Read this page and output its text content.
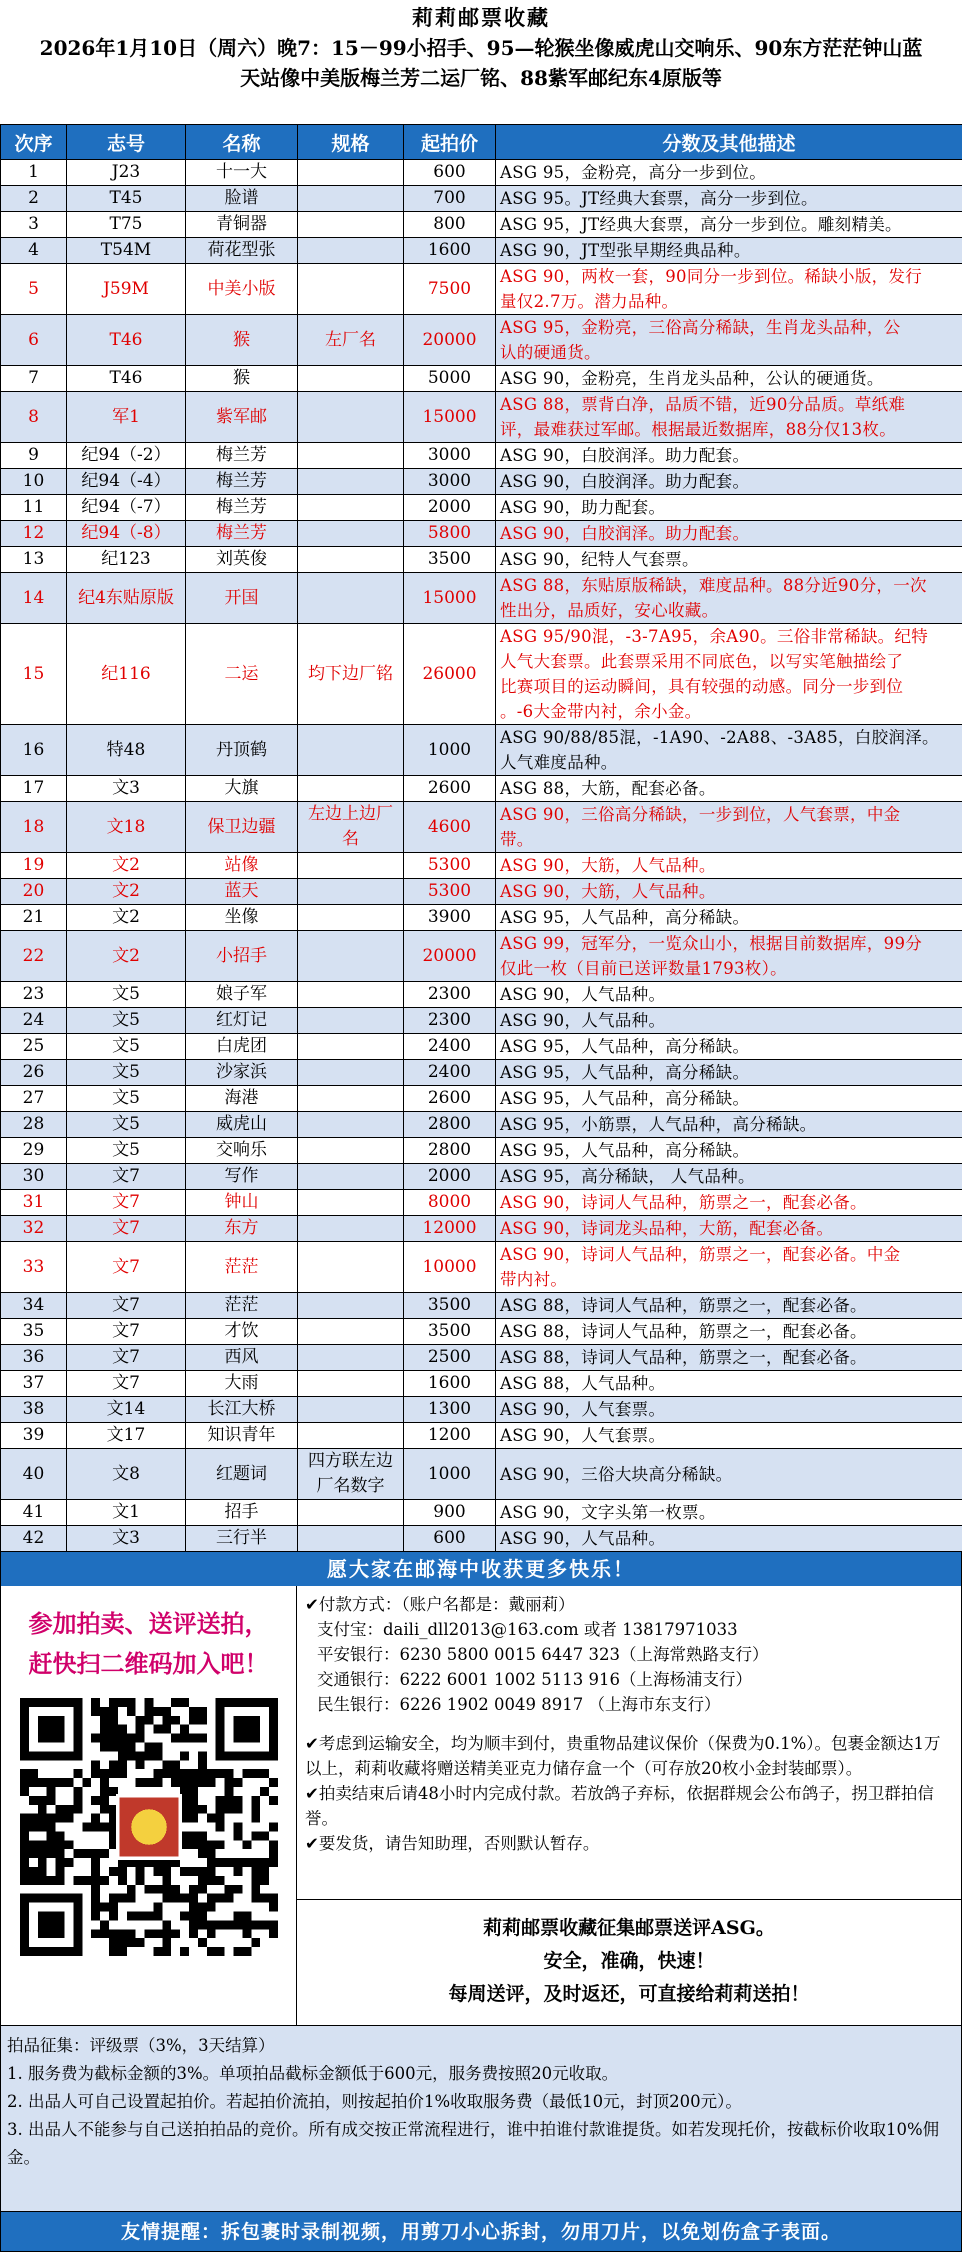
莉莉邮票收藏
2026年1月10日（周六）晚7：15－99小招手、95—轮猴坐像威虎山交响乐、90东方茫茫钟山蓝
天站像中美版梅兰芳二运厂铭、88紫军邮纪东4原版等
次序	志号	名称	规格	起拍价	分数及其他描述
1	J23	十一大		600	ASG 95，金粉亮，高分一步到位。

2	T45	脸谱		700	ASG 95。JT经典大套票，高分一步到位。

3	T75	青铜器		800	ASG 95，JT经典大套票，高分一步到位。雕刻精美。

4	T54M	荷花型张		1600	ASG 90，JT型张早期经典品种。

5	J59M	中美小版		7500	ASG 90，两枚一套，90同分一步到位。稀缺小版，发行
量仅2.7万。潜力品种。

6	T46	猴	左厂名	20000	ASG 95，金粉亮，三俗高分稀缺，生肖龙头品种，公
认的硬通货。

7	T46	猴		5000	ASG 90，金粉亮，生肖龙头品种，公认的硬通货。

8	军1	紫军邮		15000	ASG 88，票背白净，品质不错，近90分品质。草纸难
评，最难获过军邮。根据最近数据库，88分仅13枚。

9	纪94（-2）	梅兰芳		3000	ASG 90，白胶润泽。助力配套。

10	纪94（-4）	梅兰芳		3000	ASG 90，白胶润泽。助力配套。

11	纪94（-7）	梅兰芳		2000	ASG 90，助力配套。

12	纪94（-8）	梅兰芳		5800	ASG 90，白胶润泽。助力配套。

13	纪123	刘英俊		3500	ASG 90，纪特人气套票。

14	纪4东贴原版	开国		15000	ASG 88，东贴原版稀缺，难度品种。88分近90分，一次
性出分，品质好，安心收藏。

15	纪116	二运	均下边厂铭	26000	ASG 95/90混，-3-7A95，余A90。三俗非常稀缺。纪特
人气大套票。此套票采用不同底色，以写实笔触描绘了
比赛项目的运动瞬间，具有较强的动感。同分一步到位
。-6大金带内衬，余小金。

16	特48	丹顶鹤		1000	ASG 90/88/85混，-1A90、-2A88、-3A85，白胶润泽。
人气难度品种。

17	文3	大旗		2600	ASG 88，大筋，配套必备。

18	文18	保卫边疆	左边上边厂名	4600	ASG 90，三俗高分稀缺，一步到位，人气套票，中金
带。

19	文2	站像		5300	ASG 90，大筋，人气品种。

20	文2	蓝天		5300	ASG 90，大筋，人气品种。

21	文2	坐像		3900	ASG 95，人气品种，高分稀缺。

22	文2	小招手		20000	ASG 99，冠军分，一览众山小，根据目前数据库，99分
仅此一枚（目前已送评数量1793枚）。

23	文5	娘子军		2300	ASG 90，人气品种。

24	文5	红灯记		2300	ASG 90，人气品种。

25	文5	白虎团		2400	ASG 95，人气品种，高分稀缺。

26	文5	沙家浜		2400	ASG 95，人气品种，高分稀缺。

27	文5	海港		2600	ASG 95，人气品种，高分稀缺。

28	文5	威虎山		2800	ASG 95，小筋票，人气品种，高分稀缺。

29	文5	交响乐		2800	ASG 95，人气品种，高分稀缺。

30	文7	写作		2000	ASG 95，高分稀缺， 人气品种。

31	文7	钟山		8000	ASG 90，诗词人气品种，筋票之一，配套必备。

32	文7	东方		12000	ASG 90，诗词龙头品种，大筋，配套必备。

33	文7	茫茫		10000	ASG 90，诗词人气品种，筋票之一，配套必备。中金
带内衬。

34	文7	茫茫		3500	ASG 88，诗词人气品种，筋票之一，配套必备。

35	文7	才饮		3500	ASG 88，诗词人气品种，筋票之一，配套必备。

36	文7	西风		2500	ASG 88，诗词人气品种，筋票之一，配套必备。

37	文7	大雨		1600	ASG 88，人气品种。

38	文14	长江大桥		1300	ASG 90，人气套票。

39	文17	知识青年		1200	ASG 90，人气套票。

40	文8	红题词	四方联左边厂名数字	1000	ASG 90，三俗大块高分稀缺。

41	文1	招手		900	ASG 90，文字头第一枚票。

42	文3	三行半		600	ASG 90，人气品种。
愿大家在邮海中收获更多快乐！
参加拍卖、送评送拍，
赶快扫二维码加入吧！
✔付款方式：（账户名都是：戴丽莉）
支付宝：daili_dll2013@163.com 或者 13817971033
平安银行：6230 5800 0015 6447 323（上海常熟路支行）
交通银行：6222 6001 1002 5113 916（上海杨浦支行）
民生银行：6226 1902 0049 8917 （上海市东支行）
✔考虑到运输安全，均为顺丰到付，贵重物品建议保价（保费为0.1%）。包裹金额达1万以上，莉莉收藏将赠送精美亚克力储存盒一个（可存放20枚小金封装邮票）。
✔拍卖结束后请48小时内完成付款。若放鸽子弃标，依据群规会公布鸽子，拐卫群拍信誉。
✔要发货，请告知助理，否则默认暂存。
莉莉邮票收藏征集邮票送评ASG。
安全，准确，快速！
每周送评，及时返还，可直接给莉莉送拍！
拍品征集：评级票（3%，3天结算）
1. 服务费为截标金额的3%。单项拍品截标金额低于600元，服务费按照20元收取。
2. 出品人可自己设置起拍价。若起拍价流拍，则按起拍价1%收取服务费（最低10元，封顶200元）。
3. 出品人不能参与自己送拍拍品的竞价。所有成交按正常流程进行，谁中拍谁付款谁提货。如若发现托价，按截标价收取10%佣金。
友情提醒：拆包裹时录制视频，用剪刀小心拆封，勿用刀片，以免划伤盒子表面。
